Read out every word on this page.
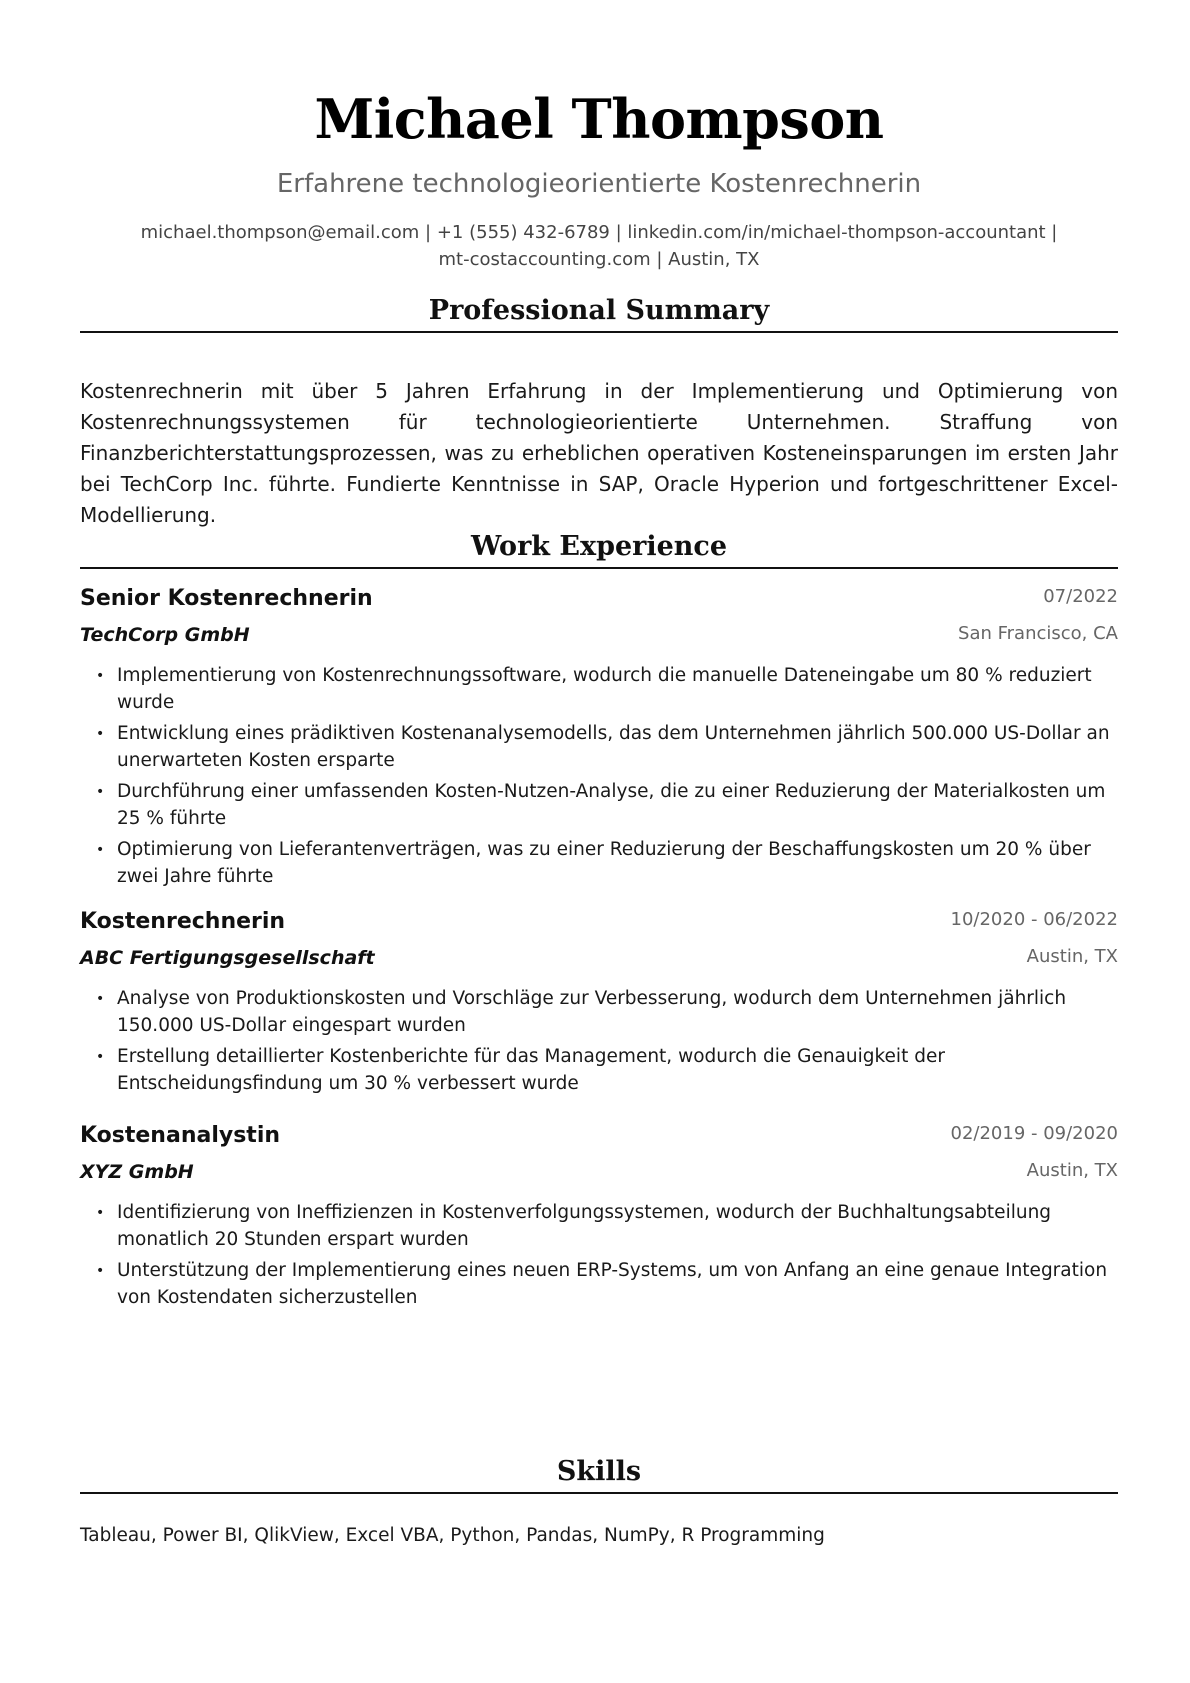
Michael Thompson
Erfahrene technologieorientierte Kostenrechnerin
michael.thompson@email.com | +1 (555) 432-6789 | linkedin.com/in/michael-thompson-accountant |
mt-costaccounting.com | Austin, TX
Professional Summary
Kostenrechnerin mit über 5 Jahren Erfahrung in der Implementierung und Optimierung von Kostenrechnungssystemen für technologieorientierte Unternehmen. Straffung von Finanzberichterstattungsprozessen, was zu erheblichen operativen Kosteneinsparungen im ersten Jahr bei TechCorp Inc. führte. Fundierte Kenntnisse in SAP, Oracle Hyperion und fortgeschrittener Excel-Modellierung.
Work Experience
Senior Kostenrechnerin	07/2022
TechCorp GmbH	San Francisco, CA
• Implementierung von Kostenrechnungssoftware, wodurch die manuelle Dateneingabe um 80 % reduziert wurde
• Entwicklung eines prädiktiven Kostenanalysemodells, das dem Unternehmen jährlich 500.000 US-Dollar an unerwarteten Kosten ersparte
• Durchführung einer umfassenden Kosten-Nutzen-Analyse, die zu einer Reduzierung der Materialkosten um 25 % führte
• Optimierung von Lieferantenverträgen, was zu einer Reduzierung der Beschaffungskosten um 20 % über zwei Jahre führte
Kostenrechnerin	10/2020 - 06/2022
ABC Fertigungsgesellschaft	Austin, TX
• Analyse von Produktionskosten und Vorschläge zur Verbesserung, wodurch dem Unternehmen jährlich 150.000 US-Dollar eingespart wurden
• Erstellung detaillierter Kostenberichte für das Management, wodurch die Genauigkeit der Entscheidungsfindung um 30 % verbessert wurde
Kostenanalystin	02/2019 - 09/2020
XYZ GmbH	Austin, TX
• Identifizierung von Ineffizienzen in Kostenverfolgungssystemen, wodurch der Buchhaltungsabteilung monatlich 20 Stunden erspart wurden
• Unterstützung der Implementierung eines neuen ERP-Systems, um von Anfang an eine genaue Integration von Kostendaten sicherzustellen
Skills
Tableau, Power BI, QlikView, Excel VBA, Python, Pandas, NumPy, R Programming
